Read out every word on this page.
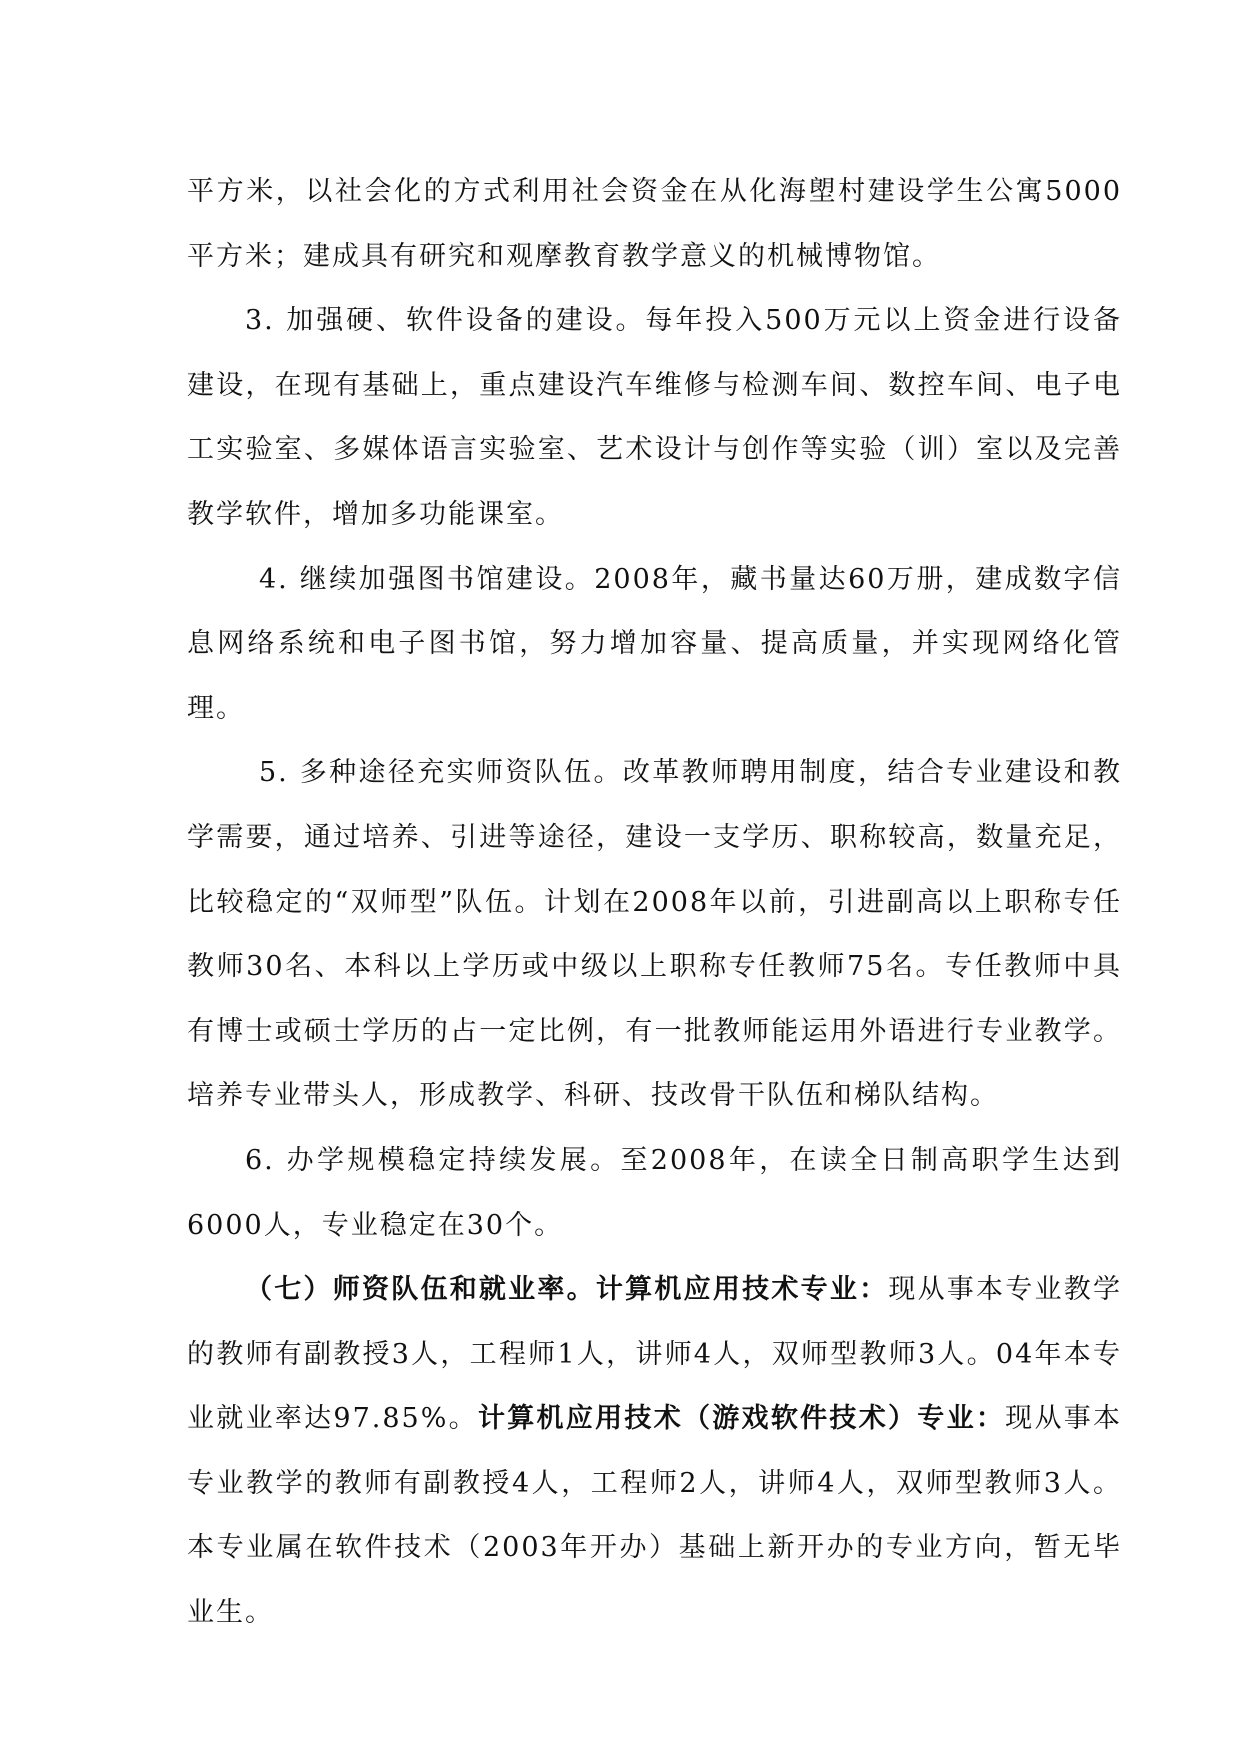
平方米，以社会化的方式利用社会资金在从化海塱村建设学生公寓5000平方米；建成具有研究和观摩教育教学意义的机械博物馆。

3. 加强硬、软件设备的建设。每年投入500万元以上资金进行设备建设，在现有基础上，重点建设汽车维修与检测车间、数控车间、电子电工实验室、多媒体语言实验室、艺术设计与创作等实验（训）室以及完善教学软件，增加多功能课室。

4. 继续加强图书馆建设。2008年，藏书量达60万册，建成数字信息网络系统和电子图书馆，努力增加容量、提高质量，并实现网络化管理。

5. 多种途径充实师资队伍。改革教师聘用制度，结合专业建设和教学需要，通过培养、引进等途径，建设一支学历、职称较高，数量充足，比较稳定的“双师型”队伍。计划在2008年以前，引进副高以上职称专任教师30名、本科以上学历或中级以上职称专任教师75名。专任教师中具有博士或硕士学历的占一定比例，有一批教师能运用外语进行专业教学。培养专业带头人，形成教学、科研、技改骨干队伍和梯队结构。

6. 办学规模稳定持续发展。至2008年，在读全日制高职学生达到6000人，专业稳定在30个。

（七）师资队伍和就业率。计算机应用技术专业：现从事本专业教学的教师有副教授3人，工程师1人，讲师4人，双师型教师3人。04年本专业就业率达97.85%。计算机应用技术（游戏软件技术）专业：现从事本专业教学的教师有副教授4人，工程师2人，讲师4人，双师型教师3人。本专业属在软件技术（2003年开办）基础上新开办的专业方向，暂无毕业生。
